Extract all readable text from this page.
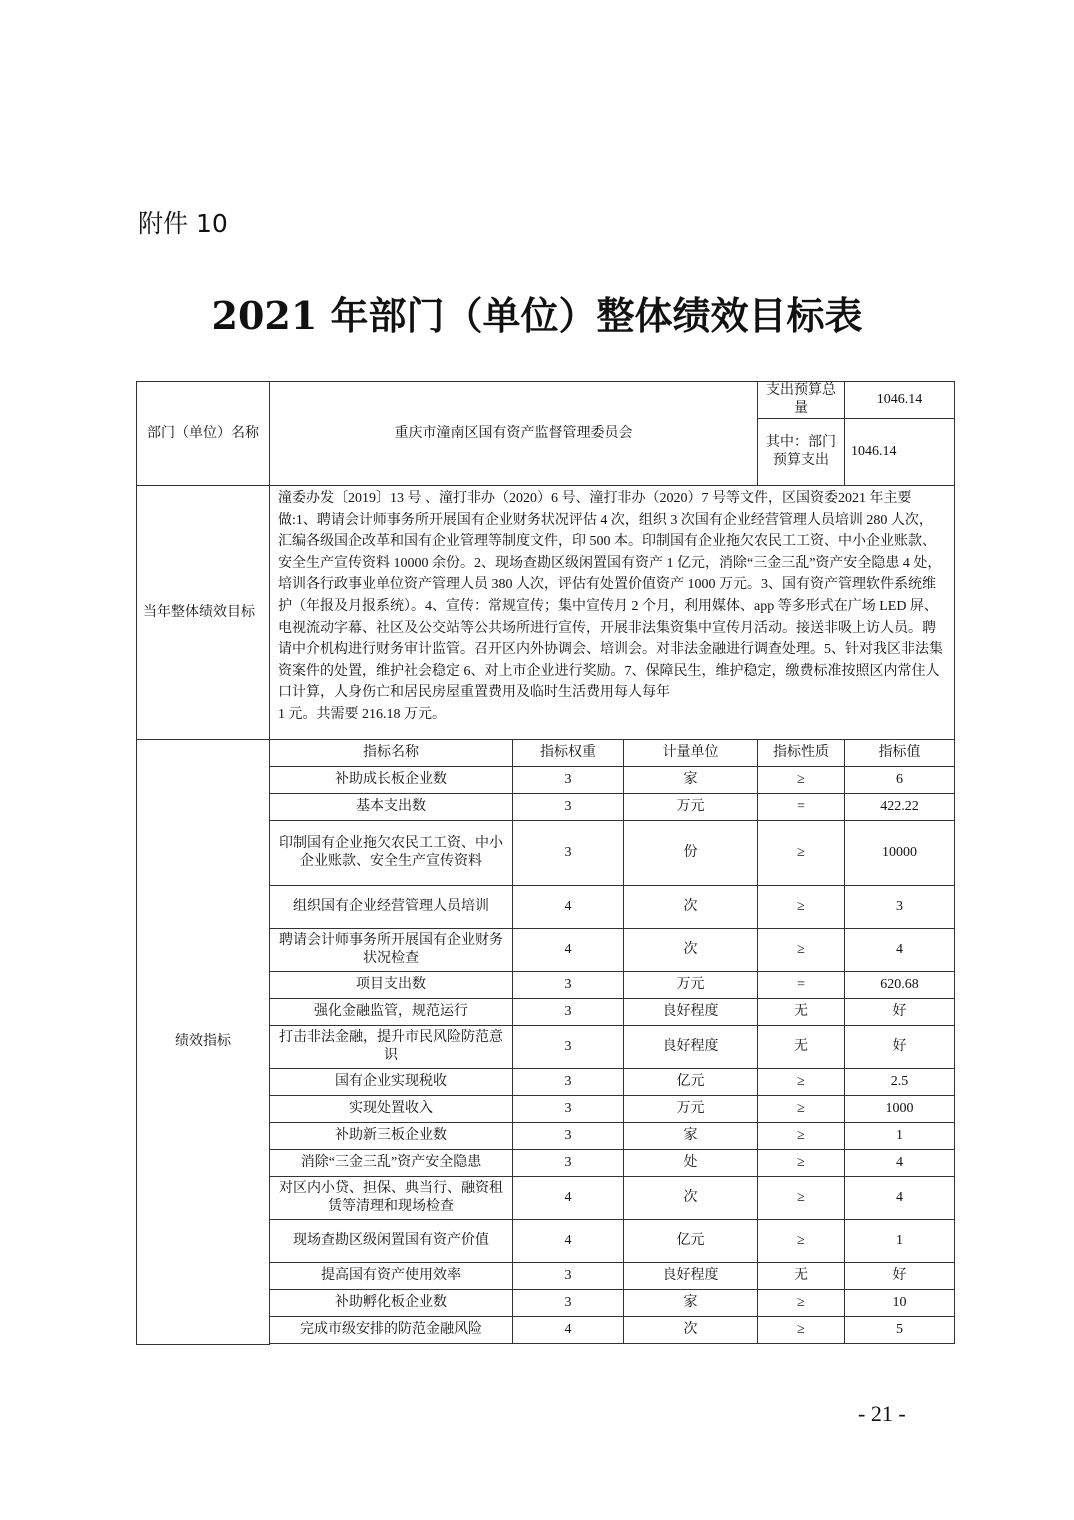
附件 10
2021 年部门（单位）整体绩效目标表
部门（单位）名称	重庆市潼南区国有资产监督管理委员会			支出预算总量	1046.14
				其中：部门预算支出	1046.14
当年整体绩效目标	潼委办发〔2019〕13 号 、潼打非办（2020）6 号、潼打非办（2020）7 号等文件，区国资委2021 年主要做:1、聘请会计师事务所开展国有企业财务状况评估 4 次，组织 3 次国有企业经营管理人员培训 280 人次，汇编各级国企改革和国有企业管理等制度文件，印 500 本。印制国有企业拖欠农民工工资、中小企业账款、安全生产宣传资料 10000 余份。2、现场查勘区级闲置国有资产 1 亿元，消除“三金三乱”资产安全隐患 4 处，培训各行政事业单位资产管理人员 380 人次，评估有处置价值资产 1000 万元。3、国有资产管理软件系统维护（年报及月报系统）。4、宣传：常规宣传；集中宣传月 2 个月，利用媒体、app 等多形式在广场 LED 屏、电视流动字幕、社区及公交站等公共场所进行宣传，开展非法集资集中宣传月活动。接送非吸上访人员。聘请中介机构进行财务审计监管。召开区内外协调会、培训会。对非法金融进行调查处理。5、针对我区非法集资案件的处置，维护社会稳定 6、对上市企业进行奖励。7、保障民生，维护稳定，缴费标准按照区内常住人口计算，人身伤亡和居民房屋重置费用及临时生活费用每人每年
1 元。共需要 216.18 万元。				

绩效指标	指标名称	指标权重	计量单位	指标性质	指标值
	补助成长板企业数	3	家	≥	6
	基本支出数	3	万元	=	422.22
	印制国有企业拖欠农民工工资、中小企业账款、安全生产宣传资料	3	份	≥	10000
	组织国有企业经营管理人员培训	4	次	≥	3
	聘请会计师事务所开展国有企业财务状况检查	4	次	≥	4
	项目支出数	3	万元	=	620.68
	强化金融监管，规范运行	3	良好程度	无	好
	打击非法金融，提升市民风险防范意识	3	良好程度	无	好
	国有企业实现税收	3	亿元	≥	2.5
	实现处置收入	3	万元	≥	1000
	补助新三板企业数	3	家	≥	1
	消除“三金三乱”资产安全隐患	3	处	≥	4
	对区内小贷、担保、典当行、融资租赁等清理和现场检查	4	次	≥	4
	现场查勘区级闲置国有资产价值	4	亿元	≥	1
	提高国有资产使用效率	3	良好程度	无	好
	补助孵化板企业数	3	家	≥	10
	完成市级安排的防范金融风险	4	次	≥	5

- 21 -
